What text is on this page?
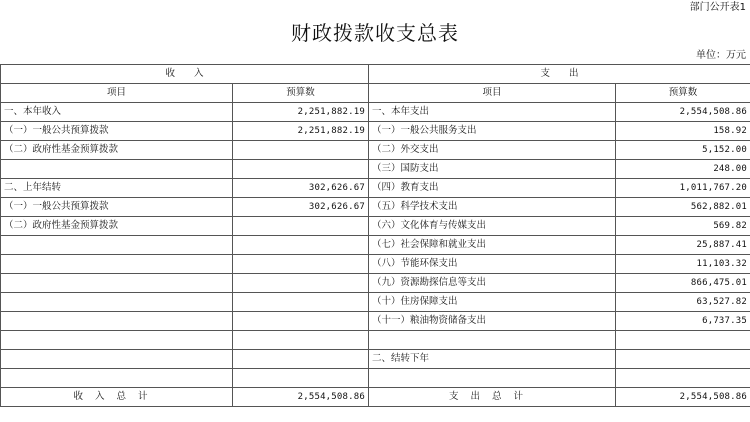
部门公开表1
财政拨款收支总表
单位：万元
收　　入		支　　出	
项目	预算数	项目	预算数
一、本年收入	2,251,882.19	一、本年支出	2,554,508.86
（一）一般公共预算拨款	2,251,882.19	（一）一般公共服务支出	158.92
（二）政府性基金预算拨款		（二）外交支出	5,152.00
		（三）国防支出	248.00
二、上年结转	302,626.67	（四）教育支出	1,011,767.20
（一）一般公共预算拨款	302,626.67	（五）科学技术支出	562,882.01
（二）政府性基金预算拨款		（六）文化体育与传媒支出	569.82
		（七）社会保障和就业支出	25,887.41
		（八）节能环保支出	11,103.32
		（九）资源勘探信息等支出	866,475.01
		（十）住房保障支出	63,527.82
		（十一）粮油物资储备支出	6,737.35

		二、结转下年	

收入总计	2,554,508.86	支出总计	2,554,508.86
